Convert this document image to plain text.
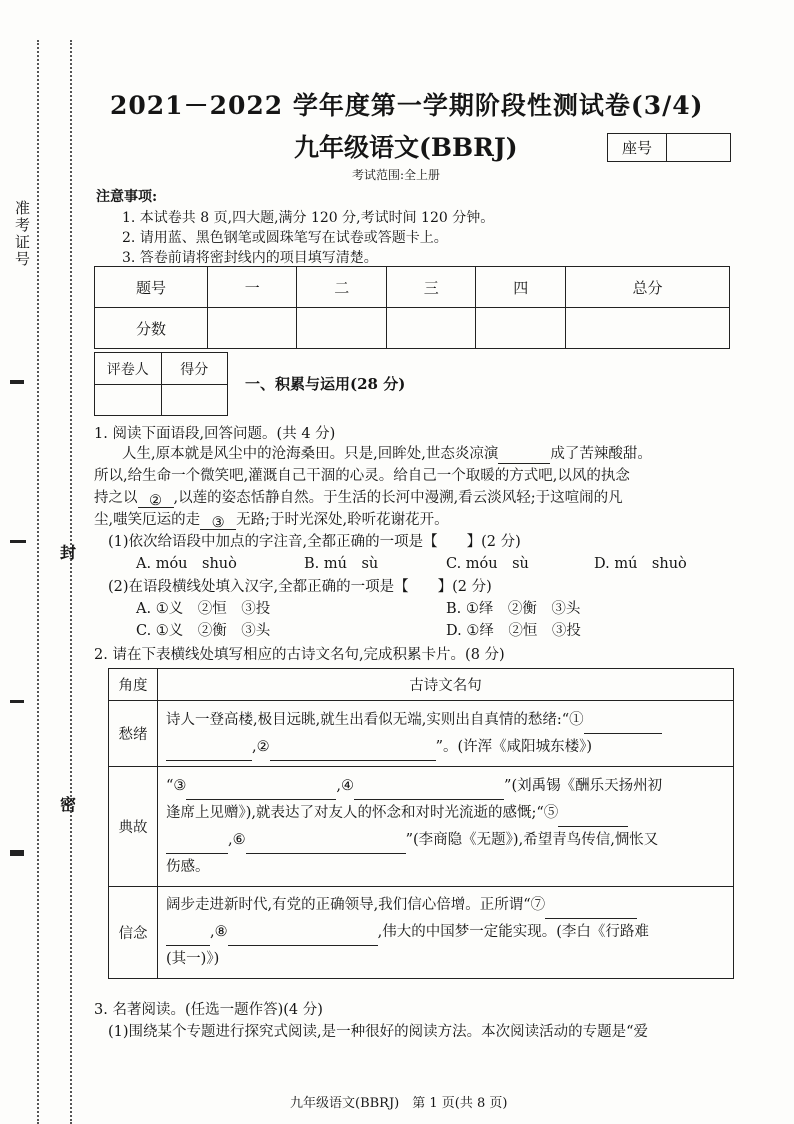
准考证号
封
密
2021－2022 学年度第一学期阶段性测试卷(3/4)
九年级语文(BBRJ)	座号
考试范围:全上册
注意事项:
1. 本试卷共 8 页,四大题,满分 120 分,考试时间 120 分钟。
2. 请用蓝、黑色钢笔或圆珠笔写在试卷或答题卡上。
3. 答卷前请将密封线内的项目填写清楚。
题号	一	二	三	四	总分
分数					
评卷人	得分
一、积累与运用(28 分)
1. 阅读下面语段,回答问题。(共 4 分)
人生,原本就是风尘中的沧海桑田。只是,回眸处,世态炎凉演	成了苦辣酸甜。
所以,给生命一个微笑吧,灌溉自己干涸的心灵。给自己一个取暖的方式吧,以风的执念
持之以 ② ,以莲的姿态恬静自然。于生活的长河中漫溯,看云淡风轻;于这喧闹的凡
尘,嗤笑厄运的走 ③ 无路;于时光深处,聆听花谢花开。
(1)依次给语段中加点的字注音,全都正确的一项是【　　】(2 分)
A. móu　shuò	B. mú　sù	C. móu　sù	D. mú　shuò
(2)在语段横线处填入汉字,全都正确的一项是【　　】(2 分)
A. ①义　②恒　③投	B. ①绎　②衡　③头
C. ①义　②衡　③头	D. ①绎　②恒　③投
2. 请在下表横线处填写相应的古诗文名句,完成积累卡片。(8 分)
角度	古诗文名句
愁绪	诗人一登高楼,极目远眺,就生出看似无端,实则出自真情的愁绪:“①
,② ”。(许浑《咸阳城东楼》)
典故	“③ ,④ ”(刘禹锡《酬乐天扬州初
逢席上见赠》),就表达了对友人的怀念和对时光流逝的感慨;“⑤
,⑥ ”(李商隐《无题》),希望青鸟传信,惆怅又
伤感。
信念	阔步走进新时代,有党的正确领导,我们信心倍增。正所谓“⑦
,⑧ ,伟大的中国梦一定能实现。(李白《行路难
(其一)》)
3. 名著阅读。(任选一题作答)(4 分)
(1)围绕某个专题进行探究式阅读,是一种很好的阅读方法。本次阅读活动的专题是“爱
九年级语文(BBRJ)　第 1 页(共 8 页)
